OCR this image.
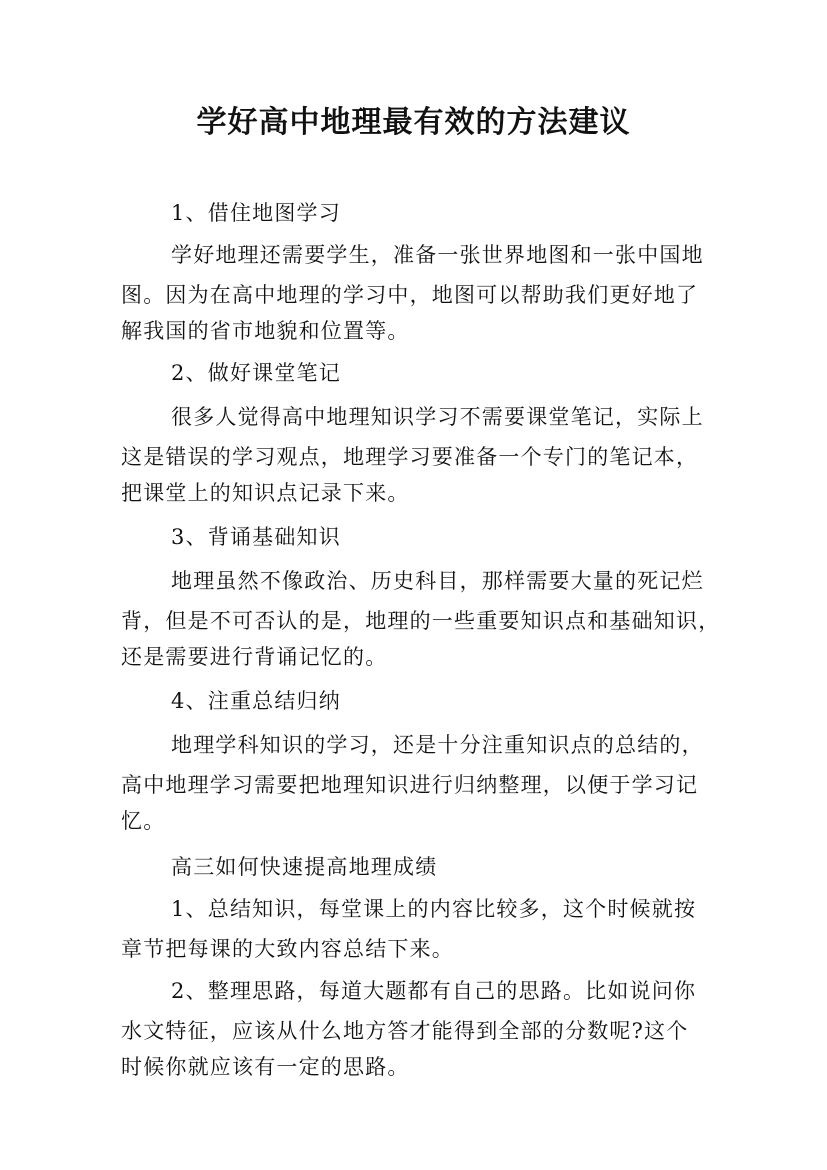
学好高中地理最有效的方法建议
1、借住地图学习
学好地理还需要学生，准备一张世界地图和一张中国地
图。因为在高中地理的学习中，地图可以帮助我们更好地了
解我国的省市地貌和位置等。
2、做好课堂笔记
很多人觉得高中地理知识学习不需要课堂笔记，实际上
这是错误的学习观点，地理学习要准备一个专门的笔记本，
把课堂上的知识点记录下来。
3、背诵基础知识
地理虽然不像政治、历史科目，那样需要大量的死记烂
背，但是不可否认的是，地理的一些重要知识点和基础知识，
还是需要进行背诵记忆的。
4、注重总结归纳
地理学科知识的学习，还是十分注重知识点的总结的，
高中地理学习需要把地理知识进行归纳整理，以便于学习记
忆。
高三如何快速提高地理成绩
1、总结知识，每堂课上的内容比较多，这个时候就按
章节把每课的大致内容总结下来。
2、整理思路，每道大题都有自己的思路。比如说问你
水文特征，应该从什么地方答才能得到全部的分数呢?这个
时候你就应该有一定的思路。
